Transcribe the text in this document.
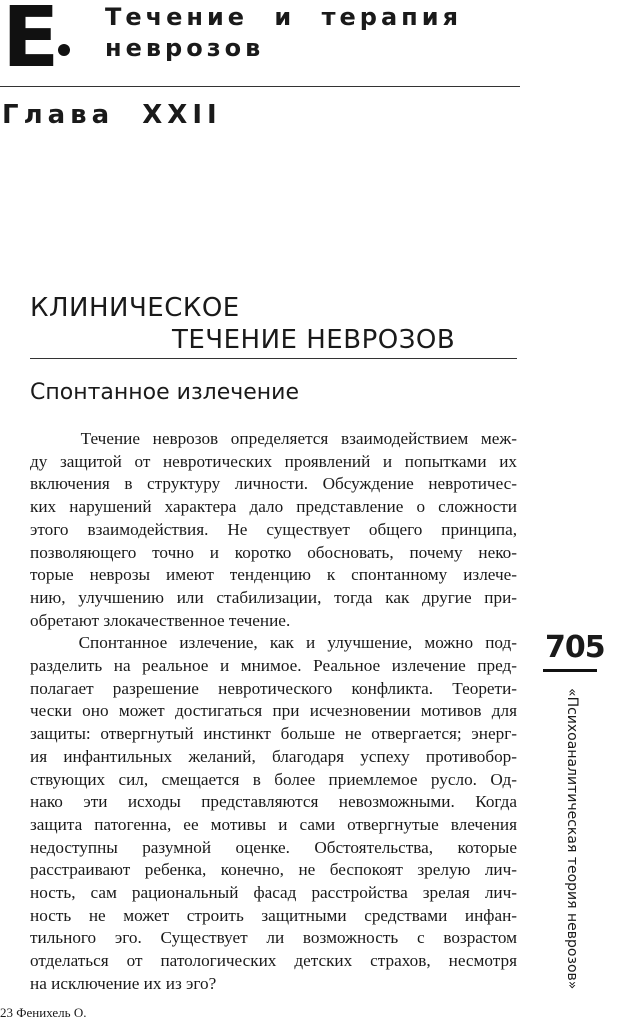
E Течение и терапия
неврозов
Глава  XXII
КЛИНИЧЕСКОЕ
ТЕЧЕНИЕ НЕВРОЗОВ
Спонтанное излечение
Течение неврозов определяется взаимодействием меж-
ду защитой от невротических проявлений и попытками их
включения в структуру личности. Обсуждение невротичес-
ких нарушений характера дало представление о сложности
этого взаимодействия. Не существует общего принципа,
позволяющего точно и коротко обосновать, почему неко-
торые неврозы имеют тенденцию к спонтанному излече-
нию, улучшению или стабилизации, тогда как другие при-
обретают злокачественное течение.
Спонтанное излечение, как и улучшение, можно под-
разделить на реальное и мнимое. Реальное излечение пред-
полагает разрешение невротического конфликта. Теорети-
чески оно может достигаться при исчезновении мотивов для
защиты: отвергнутый инстинкт больше не отвергается; энерг-
ия инфантильных желаний, благодаря успеху противобор-
ствующих сил, смещается в более приемлемое русло. Од-
нако эти исходы представляются невозможными. Когда
защита патогенна, ее мотивы и сами отвергнутые влечения
недоступны разумной оценке. Обстоятельства, которые
расстраивают ребенка, конечно, не беспокоят зрелую лич-
ность, сам рациональный фасад расстройства зрелая лич-
ность не может строить защитными средствами инфан-
тильного эго. Существует ли возможность с возрастом
отделаться от патологических детских страхов, несмотря
на исключение их из эго?
705
«Психоаналитическая теория неврозов»
23 Фенихель О.
